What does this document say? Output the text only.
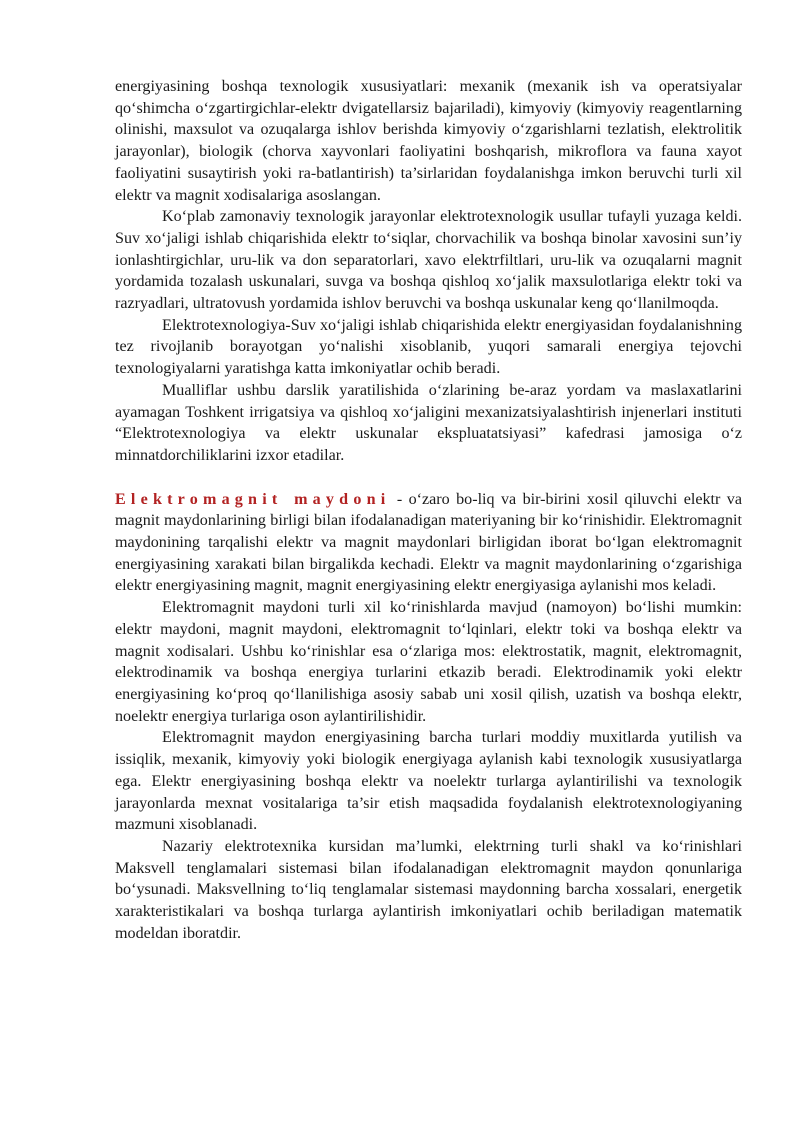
energiyasining boshqa texnologik xususiyatlari: mexanik (mexanik ish va operatsiyalar qo‘shimcha o‘zgartirgichlar-elektr dvigatellarsiz bajariladi), kimyoviy (kimyoviy reagentlarning olinishi, maxsulot va ozuqalarga ishlov berishda kimyoviy o‘zgarishlarni tezlatish, elektrolitik jarayonlar), biologik (chorva xayvonlari faoliyatini boshqarish, mikroflora va fauna xayot faoliyatini susaytirish yoki ra-batlantirish) ta’sirlaridan foydalanishga imkon beruvchi turli xil elektr va magnit xodisalariga asoslangan.

Ko‘plab zamonaviy texnologik jarayonlar elektrotexnologik usullar tufayli yuzaga keldi. Suv xo‘jaligi ishlab chiqarishida elektr to‘siqlar, chorvachilik va boshqa binolar xavosini sun’iy ionlashtirgichlar, uru-lik va don separatorlari, xavo elektrfiltlari, uru-lik va ozuqalarni magnit yordamida tozalash uskunalari, suvga va boshqa qishloq xo‘jalik maxsulotlariga elektr toki va razryadlari, ultratovush yordamida ishlov beruvchi va boshqa uskunalar keng qo‘llanilmoqda.

Elektrotexnologiya-Suv xo‘jaligi ishlab chiqarishida elektr energiyasidan foydalanishning tez rivojlanib borayotgan yo‘nalishi xisoblanib, yuqori samarali energiya tejovchi texnologiyalarni yaratishga katta imkoniyatlar ochib beradi.

Mualliflar ushbu darslik yaratilishida o‘zlarining be-araz yordam va maslaxatlarini ayamagan Toshkent irrigatsiya va qishloq xo‘jaligini mexanizatsiyalashtirish injenerlari instituti “Elektrotexnologiya va elektr uskunalar ekspluatatsiyasi” kafedrasi jamosiga o‘z minnatdorchiliklarini izxor etadilar.

Elektromagnit maydoni - o‘zaro bo-liq va bir-birini xosil qiluvchi elektr va magnit maydonlarining birligi bilan ifodalanadigan materiyaning bir ko‘rinishidir. Elektromagnit maydonining tarqalishi elektr va magnit maydonlari birligidan iborat bo‘lgan elektromagnit energiyasining xarakati bilan birgalikda kechadi. Elektr va magnit maydonlarining o‘zgarishiga elektr energiyasining magnit, magnit energiyasining elektr energiyasiga aylanishi mos keladi.

Elektromagnit maydoni turli xil ko‘rinishlarda mavjud (namoyon) bo‘lishi mumkin: elektr maydoni, magnit maydoni, elektromagnit to‘lqinlari, elektr toki va boshqa elektr va magnit xodisalari. Ushbu ko‘rinishlar esa o‘zlariga mos: elektrostatik, magnit, elektromagnit, elektrodinamik va boshqa energiya turlarini etkazib beradi. Elektrodinamik yoki elektr energiyasining ko‘proq qo‘llanilishiga asosiy sabab uni xosil qilish, uzatish va boshqa elektr, noelektr energiya turlariga oson aylantirilishidir.

Elektromagnit maydon energiyasining barcha turlari moddiy muxitlarda yutilish va issiqlik, mexanik, kimyoviy yoki biologik energiyaga aylanish kabi texnologik xususiyatlarga ega. Elektr energiyasining boshqa elektr va noelektr turlarga aylantirilishi va texnologik jarayonlarda mexnat vositalariga ta’sir etish maqsadida foydalanish elektrotexnologiyaning mazmuni xisoblanadi.

Nazariy elektrotexnika kursidan ma’lumki, elektrning turli shakl va ko‘rinishlari Maksvell tenglamalari sistemasi bilan ifodalanadigan elektromagnit maydon qonunlariga bo‘ysunadi. Maksvellning to‘liq tenglamalar sistemasi maydonning barcha xossalari, energetik xarakteristikalari va boshqa turlarga aylantirish imkoniyatlari ochib beriladigan matematik modeldan iboratdir.
